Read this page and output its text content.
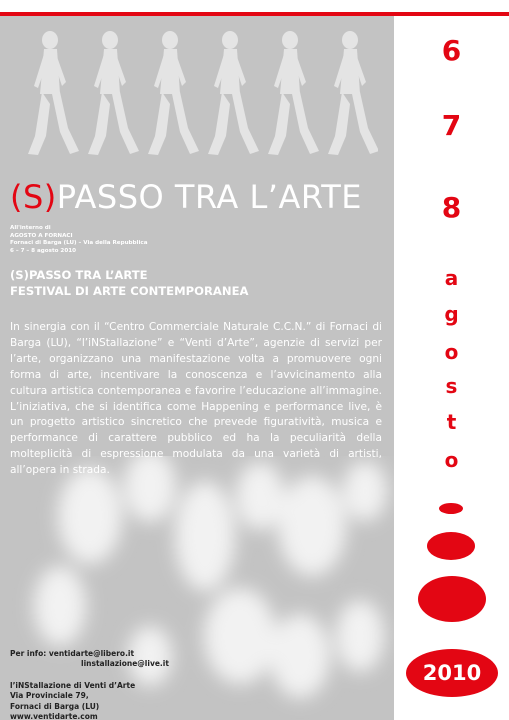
(S)PASSO TRA L’ARTE
All'interno di
AGOSTO A FORNACI
Fornaci di Barga (LU) – Via della Repubblica
6 – 7 – 8 agosto 2010
(S)PASSO TRA L’ARTE
FESTIVAL DI ARTE CONTEMPORANEA
In sinergia con il “Centro Commerciale Naturale C.C.N.” di Fornaci di Barga (LU), “l’iNStallazione” e “Venti d’Arte”, agenzie di servizi per l’arte, organizzano una manifestazione volta a promuovere ogni forma di arte, incentivare la conoscenza e l’avvicinamento alla cultura artistica contemporanea e favorire l’educazione all’immagine. L’iniziativa, che si identifica come Happening e performance live, è un progetto artistico sincretico che prevede figuratività, musica e performance di carattere pubblico ed ha la peculiarità della molteplicità di espressione modulata da una varietà di artisti, all’opera in strada.
Per info: ventidarte@libero.it
linstallazione@live.it
l’iNStallazione di Venti d’Arte
Via Provinciale 79,
Fornaci di Barga (LU)
www.ventidarte.com
6
7
8
a
g
o
s
t
o
2010
